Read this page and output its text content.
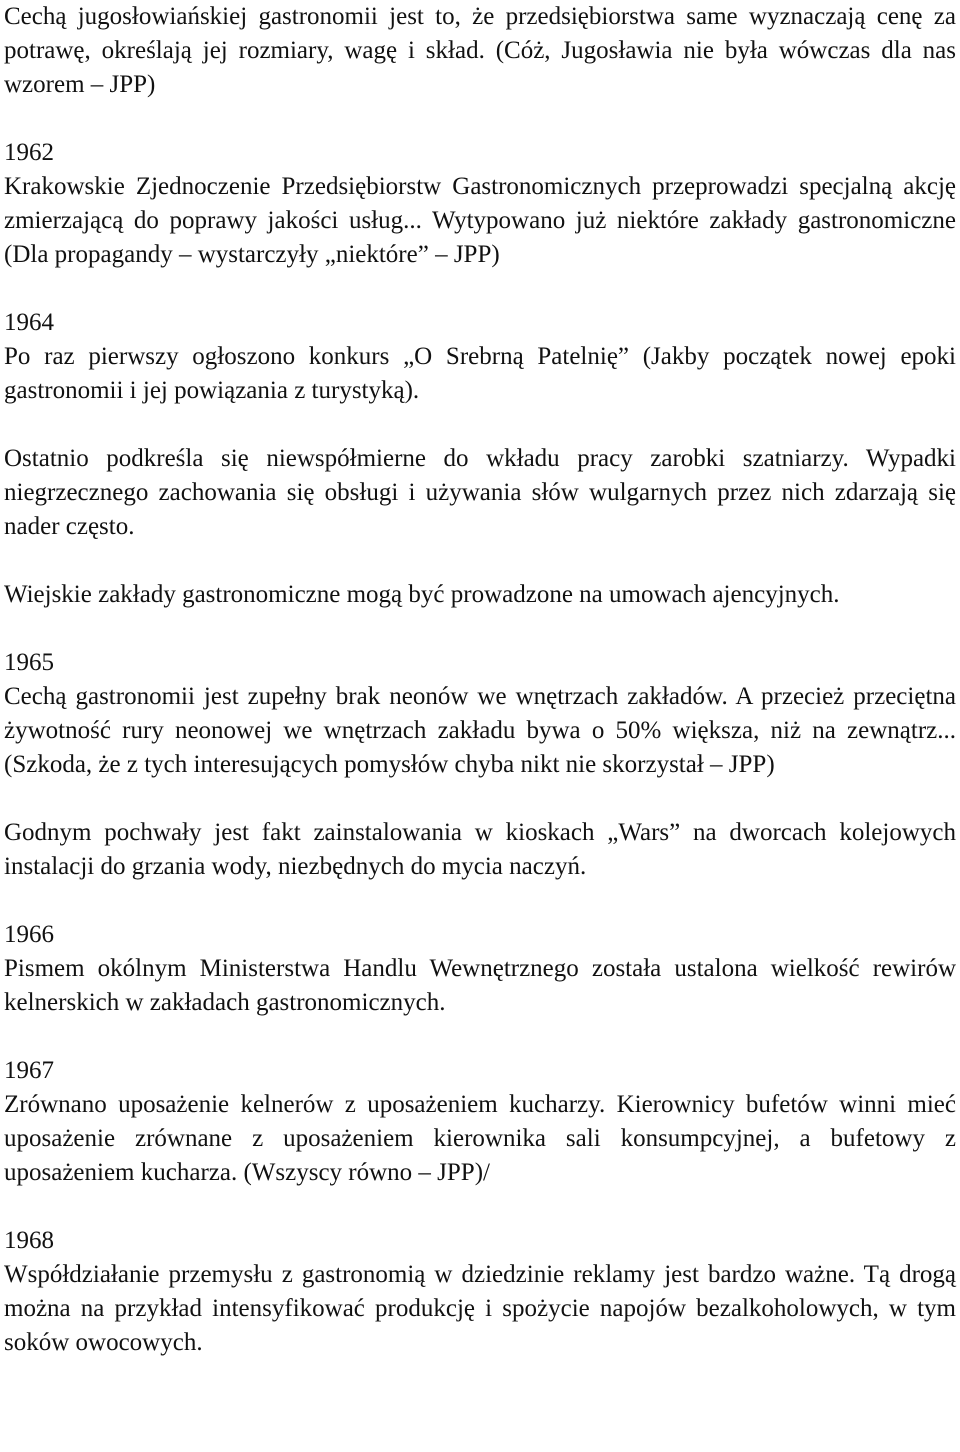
Cechą jugosłowiańskiej gastronomii jest to, że przedsiębiorstwa same wyznaczają cenę za potrawę, określają jej rozmiary, wagę i skład. (Cóż, Jugosławia nie była wówczas dla nas wzorem – JPP)

1962

Krakowskie Zjednoczenie Przedsiębiorstw Gastronomicznych przeprowadzi specjalną akcję zmierzającą do poprawy jakości usług... Wytypowano już niektóre zakłady gastronomiczne (Dla propagandy – wystarczyły „niektóre” – JPP)

1964

Po raz pierwszy ogłoszono konkurs „O Srebrną Patelnię” (Jakby początek nowej epoki gastronomii i jej powiązania z turystyką).

Ostatnio podkreśla się niewspółmierne do wkładu pracy zarobki szatniarzy. Wypadki niegrzecznego zachowania się obsługi i używania słów wulgarnych przez nich zdarzają się nader często.

Wiejskie zakłady gastronomiczne mogą być prowadzone na umowach ajencyjnych.

1965

Cechą gastronomii jest zupełny brak neonów we wnętrzach zakładów. A przecież przeciętna żywotność rury neonowej we wnętrzach zakładu bywa o 50% większa, niż na zewnątrz... (Szkoda, że z tych interesujących pomysłów chyba nikt nie skorzystał – JPP)

Godnym pochwały jest fakt zainstalowania w kioskach „Wars” na dworcach kolejowych instalacji do grzania wody, niezbędnych do mycia naczyń.

1966

Pismem okólnym Ministerstwa Handlu Wewnętrznego została ustalona wielkość rewirów kelnerskich w zakładach gastronomicznych.

1967

Zrównano uposażenie kelnerów z uposażeniem kucharzy. Kierownicy bufetów winni mieć uposażenie zrównane z uposażeniem kierownika sali konsumpcyjnej, a bufetowy z uposażeniem kucharza. (Wszyscy równo – JPP)/

1968

Współdziałanie przemysłu z gastronomią w dziedzinie reklamy jest bardzo ważne. Tą drogą można na przykład intensyfikować produkcję i spożycie napojów bezalkoholowych, w tym soków owocowych.
